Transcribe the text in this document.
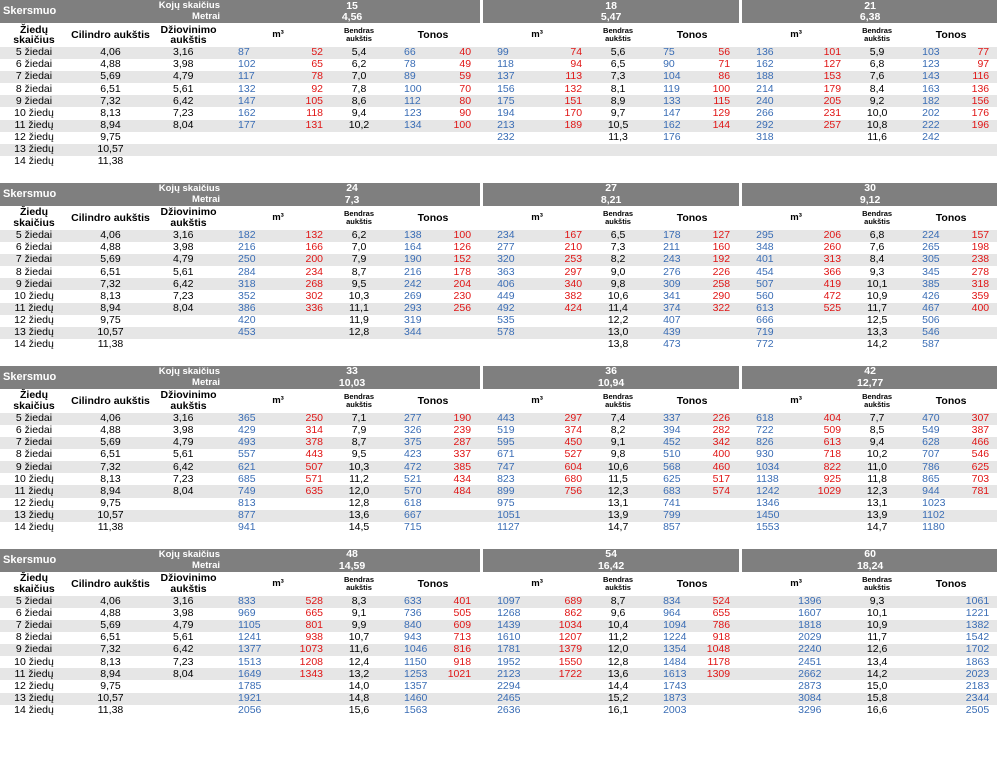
Skersmuo		Kojų skaičius
Metrai	15						18						21				
			4,56						5,47						6,38				
Žiedų skaičius	Cilindro aukštis	Džiovinimo aukštis	m³		Bendras aukštis	Tonos			m³		Bendras aukštis	Tonos			m³		Bendras aukštis	Tonos	
5 žiedai	4,06	3,16	87	52	5,4	66	40		99	74	5,6	75	56		136	101	5,9	103	77
6 žiedai	4,88	3,98	102	65	6,2	78	49		118	94	6,5	90	71		162	127	6,8	123	97
7 žiedai	5,69	4,79	117	78	7,0	89	59		137	113	7,3	104	86		188	153	7,6	143	116
8 žiedai	6,51	5,61	132	92	7,8	100	70		156	132	8,1	119	100		214	179	8,4	163	136
9 žiedai	7,32	6,42	147	105	8,6	112	80		175	151	8,9	133	115		240	205	9,2	182	156
10 žiedų	8,13	7,23	162	118	9,4	123	90		194	170	9,7	147	129		266	231	10,0	202	176
11 žiedų	8,94	8,04	177	131	10,2	134	100		213	189	10,5	162	144		292	257	10,8	222	196
12 žiedų	9,75								232		11,3	176			318		11,6	242	
13 žiedų	10,57																		
14 žiedų	11,38																		
Skersmuo		Kojų skaičius
Metrai	24						27						30				
			7,3						8,21						9,12				
Žiedų skaičius	Cilindro aukštis	Džiovinimo aukštis	m³		Bendras aukštis	Tonos			m³		Bendras aukštis	Tonos			m³		Bendras aukštis	Tonos	
5 žiedai	4,06	3,16	182	132	6,2	138	100		234	167	6,5	178	127		295	206	6,8	224	157
6 žiedai	4,88	3,98	216	166	7,0	164	126		277	210	7,3	211	160		348	260	7,6	265	198
7 žiedai	5,69	4,79	250	200	7,9	190	152		320	253	8,2	243	192		401	313	8,4	305	238
8 žiedai	6,51	5,61	284	234	8,7	216	178		363	297	9,0	276	226		454	366	9,3	345	278
9 žiedai	7,32	6,42	318	268	9,5	242	204		406	340	9,8	309	258		507	419	10,1	385	318
10 žiedų	8,13	7,23	352	302	10,3	269	230		449	382	10,6	341	290		560	472	10,9	426	359
11 žiedų	8,94	8,04	386	336	11,1	293	256		492	424	11,4	374	322		613	525	11,7	467	400
12 žiedų	9,75		420		11,9	319			535		12,2	407			666		12,5	506	
13 žiedų	10,57		453		12,8	344			578		13,0	439			719		13,3	546	
14 žiedų	11,38										13,8	473			772		14,2	587	
Skersmuo		Kojų skaičius
Metrai	33						36						42				
			10,03						10,94						12,77				
Žiedų skaičius	Cilindro aukštis	Džiovinimo aukštis	m³		Bendras aukštis	Tonos			m³		Bendras aukštis	Tonos			m³		Bendras aukštis	Tonos	
5 žiedai	4,06	3,16	365	250	7,1	277	190		443	297	7,4	337	226		618	404	7,7	470	307
6 žiedai	4,88	3,98	429	314	7,9	326	239		519	374	8,2	394	282		722	509	8,5	549	387
7 žiedai	5,69	4,79	493	378	8,7	375	287		595	450	9,1	452	342		826	613	9,4	628	466
8 žiedai	6,51	5,61	557	443	9,5	423	337		671	527	9,8	510	400		930	718	10,2	707	546
9 žiedai	7,32	6,42	621	507	10,3	472	385		747	604	10,6	568	460		1034	822	11,0	786	625
10 žiedų	8,13	7,23	685	571	11,2	521	434		823	680	11,5	625	517		1138	925	11,8	865	703
11 žiedų	8,94	8,04	749	635	12,0	570	484		899	756	12,3	683	574		1242	1029	12,3	944	781
12 žiedų	9,75		813		12,8	618			975		13,1	741			1346		13,1	1023	
13 žiedų	10,57		877		13,6	667			1051		13,9	799			1450		13,9	1102	
14 žiedų	11,38		941		14,5	715			1127		14,7	857			1553		14,7	1180	
Skersmuo		Kojų skaičius
Metrai	48						54						60				
			14,59						16,42						18,24				
Žiedų skaičius	Cilindro aukštis	Džiovinimo aukštis	m³		Bendras aukštis	Tonos			m³		Bendras aukštis	Tonos			m³		Bendras aukštis	Tonos	
5 žiedai	4,06	3,16	833	528	8,3	633	401		1097	689	8,7	834	524			1396	9,3		1061
6 žiedai	4,88	3,98	969	665	9,1	736	505		1268	862	9,6	964	655			1607	10,1		1221
7 žiedai	5,69	4,79	1105	801	9,9	840	609		1439	1034	10,4	1094	786			1818	10,9		1382
8 žiedai	6,51	5,61	1241	938	10,7	943	713		1610	1207	11,2	1224	918			2029	11,7		1542
9 žiedai	7,32	6,42	1377	1073	11,6	1046	816		1781	1379	12,0	1354	1048			2240	12,6		1702
10 žiedų	8,13	7,23	1513	1208	12,4	1150	918		1952	1550	12,8	1484	1178			2451	13,4		1863
11 žiedų	8,94	8,04	1649	1343	13,2	1253	1021		2123	1722	13,6	1613	1309			2662	14,2		2023
12 žiedų	9,75		1785		14,0	1357			2294		14,4	1743				2873	15,0		2183
13 žiedų	10,57		1921		14,8	1460			2465		15,2	1873				3084	15,8		2344
14 žiedų	11,38		2056		15,6	1563			2636		16,1	2003				3296	16,6		2505
